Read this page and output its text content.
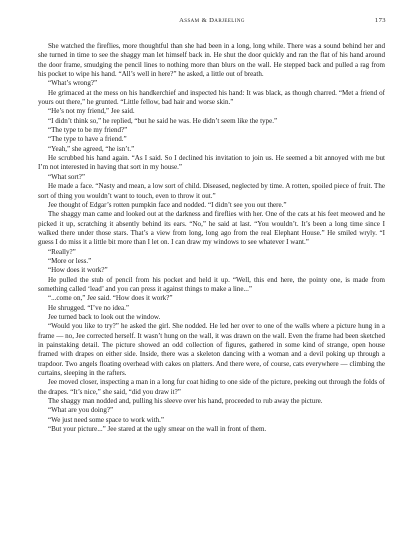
Assam & Darjeeling	173

She watched the fireflies, more thoughtful than she had been in a long, long while. There was a sound behind her and she turned in time to see the shaggy man let himself back in. He shut the door quickly and ran the flat of his hand around the door frame, smudging the pencil lines to nothing more than blurs on the wall. He stepped back and pulled a rag from his pocket to wipe his hand. “All’s well in here?” he asked, a little out of breath.

“What’s wrong?”

He grimaced at the mess on his handkerchief and inspected his hand: It was black, as though charred. “Met a friend of yours out there,” he grunted. “Little fellow, bad hair and worse skin.”

“He’s not my friend,” Jee said.

“I didn’t think so,” he replied, “but he said he was. He didn’t seem like the type.”

“The type to be my friend?”

“The type to have a friend.”

“Yeah,” she agreed, “he isn’t.”

He scrubbed his hand again. “As I said. So I declined his invitation to join us. He seemed a bit annoyed with me but I’m not interested in having that sort in my house.”

“What sort?”

He made a face. “Nasty and mean, a low sort of child. Diseased, neglected by time. A rotten, spoiled piece of fruit. The sort of thing you wouldn’t want to touch, even to throw it out.”

Jee thought of Edgar’s rotten pumpkin face and nodded. “I didn’t see you out there.”

The shaggy man came and looked out at the darkness and fireflies with her. One of the cats at his feet meowed and he picked it up, scratching it absently behind its ears. “No,” he said at last. “You wouldn’t. It’s been a long time since I walked there under those stars. That’s a view from long, long ago from the real Elephant House.” He smiled wryly. “I guess I do miss it a little bit more than I let on. I can draw my windows to see whatever I want.”

“Really?”

“More or less.”

“How does it work?”

He pulled the stub of pencil from his pocket and held it up. “Well, this end here, the pointy one, is made from something called ‘lead’ and you can press it against things to make a line...”

“...come on,” Jee said. “How does it work?”

He shrugged. “I’ve no idea.”

Jee turned back to look out the window.

“Would you like to try?” he asked the girl. She nodded. He led her over to one of the walls where a picture hung in a frame — no, Jee corrected herself. It wasn’t hung on the wall, it was drawn on the wall. Even the frame had been sketched in painstaking detail. The picture showed an odd collection of figures, gathered in some kind of strange, open house framed with drapes on either side. Inside, there was a skeleton dancing with a woman and a devil poking up through a trapdoor. Two angels floating overhead with cakes on platters. And there were, of course, cats everywhere — climbing the curtains, sleeping in the rafters.

Jee moved closer, inspecting a man in a long fur coat hiding to one side of the picture, peeking out through the folds of the drapes. “It’s nice,” she said, “did you draw it?”

The shaggy man nodded and, pulling his sleeve over his hand, proceeded to rub away the picture.

“What are you doing?”

“We just need some space to work with.”

“But your picture...” Jee stared at the ugly smear on the wall in front of them.
